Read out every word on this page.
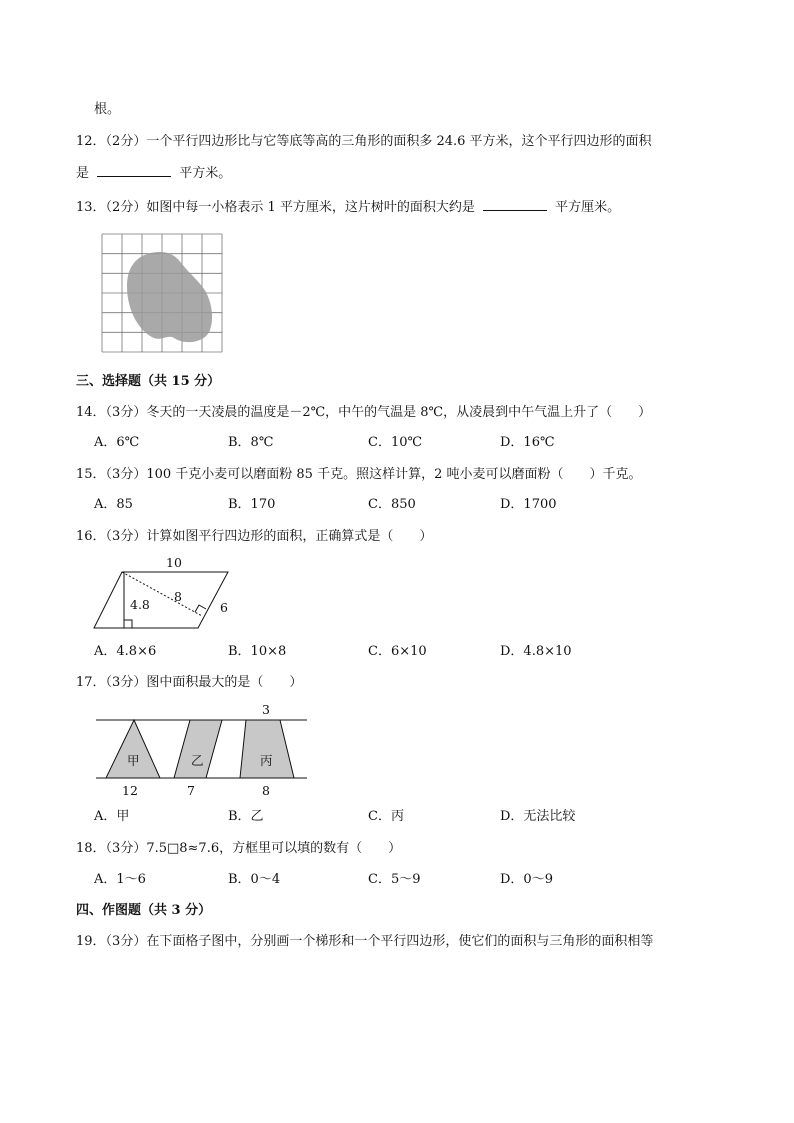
根。
12．（2分）一个平行四边形比与它等底等高的三角形的面积多 24.6 平方米，这个平行四边形的面积
是	平方米。
13．（2分）如图中每一小格表示 1 平方厘米，这片树叶的面积大约是	平方厘米。
三、选择题（共 15 分）
14．（3分）冬天的一天凌晨的温度是－2℃，中午的气温是 8℃，从凌晨到中午气温上升了（　　）
A．6℃	B．8℃	C．10℃	D．16℃
15．（3分）100 千克小麦可以磨面粉 85 千克。照这样计算，2 吨小麦可以磨面粉（　　）千克。
A．85	B．170	C．850	D．1700
16．（3分）计算如图平行四边形的面积，正确算式是（　　）
10
4.8
8
6
A．4.8×6	B．10×8	C．6×10	D．4.8×10
17．（3分）图中面积最大的是（　　）
3
甲	乙	丙
12	7	8
A．甲	B．乙	C．丙	D．无法比较
18．（3分）7.5□8≈7.6，方框里可以填的数有（　　）
A．1～6	B．0～4	C．5～9	D．0～9
四、作图题（共 3 分）
19．（3分）在下面格子图中，分别画一个梯形和一个平行四边形，使它们的面积与三角形的面积相等
